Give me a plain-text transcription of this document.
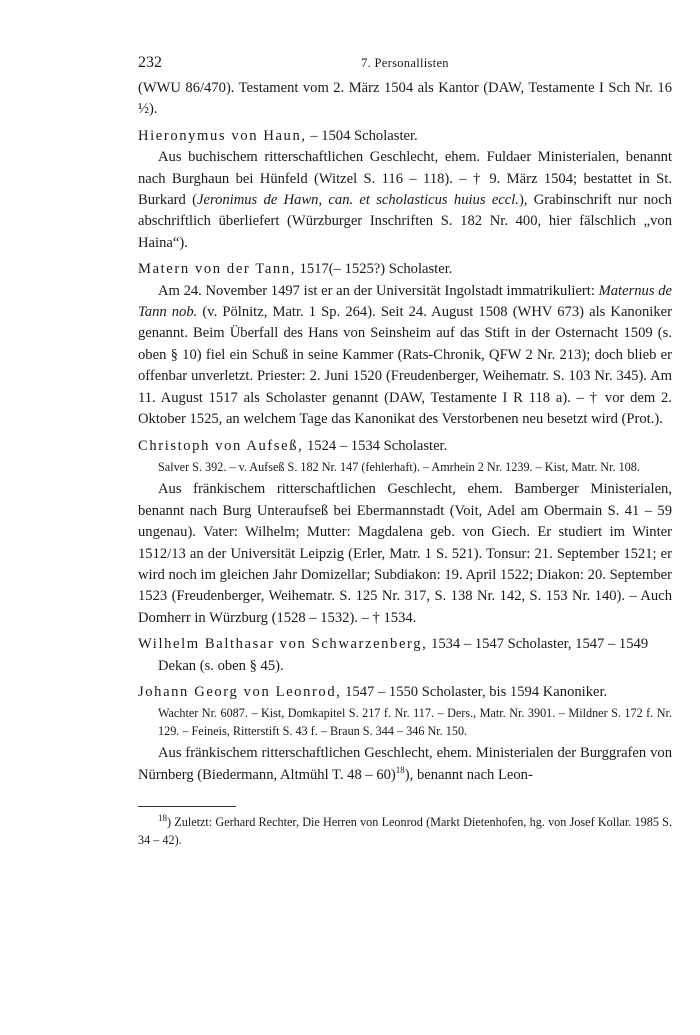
232	7. Personallisten

(WWU 86/470). Testament vom 2. März 1504 als Kantor (DAW, Testamente I Sch Nr. 16 ½).

Hieronymus von Haun, – 1504 Scholaster.

Aus buchischem ritterschaftlichen Geschlecht, ehem. Fuldaer Ministerialen, benannt nach Burghaun bei Hünfeld (Witzel S. 116 – 118). – † 9. März 1504; bestattet in St. Burkard (Jeronimus de Hawn, can. et scholasticus huius eccl.), Grabinschrift nur noch abschriftlich überliefert (Würzburger Inschriften S. 182 Nr. 400, hier fälschlich „von Haina“).

Matern von der Tann, 1517(– 1525?) Scholaster.

Am 24. November 1497 ist er an der Universität Ingolstadt immatrikuliert: Maternus de Tann nob. (v. Pölnitz, Matr. 1 Sp. 264). Seit 24. August 1508 (WHV 673) als Kanoniker genannt. Beim Überfall des Hans von Seinsheim auf das Stift in der Osternacht 1509 (s. oben § 10) fiel ein Schuß in seine Kammer (Rats-Chronik, QFW 2 Nr. 213); doch blieb er offenbar unverletzt. Priester: 2. Juni 1520 (Freudenberger, Weihematr. S. 103 Nr. 345). Am 11. August 1517 als Scholaster genannt (DAW, Testamente I R 118 a). – † vor dem 2. Oktober 1525, an welchem Tage das Kanonikat des Verstorbenen neu besetzt wird (Prot.).

Christoph von Aufseß, 1524 – 1534 Scholaster.

Salver S. 392. – v. Aufseß S. 182 Nr. 147 (fehlerhaft). – Amrhein 2 Nr. 1239. – Kist, Matr. Nr. 108.

Aus fränkischem ritterschaftlichen Geschlecht, ehem. Bamberger Ministerialen, benannt nach Burg Unteraufseß bei Ebermannstadt (Voit, Adel am Obermain S. 41 – 59 ungenau). Vater: Wilhelm; Mutter: Magdalena geb. von Giech. Er studiert im Winter 1512/13 an der Universität Leipzig (Erler, Matr. 1 S. 521). Tonsur: 21. September 1521; er wird noch im gleichen Jahr Domizellar; Subdiakon: 19. April 1522; Diakon: 20. September 1523 (Freudenberger, Weihematr. S. 125 Nr. 317, S. 138 Nr. 142, S. 153 Nr. 140). – Auch Domherr in Würzburg (1528 – 1532). – † 1534.

Wilhelm Balthasar von Schwarzenberg, 1534 – 1547 Scholaster, 1547 – 1549 Dekan (s. oben § 45).
Johann Georg von Leonrod, 1547 – 1550 Scholaster, bis 1594 Kanoniker.

Wachter Nr. 6087. – Kist, Domkapitel S. 217 f. Nr. 117. – Ders., Matr. Nr. 3901. – Mildner S. 172 f. Nr. 129. – Feineis, Ritterstift S. 43 f. – Braun S. 344 – 346 Nr. 150.

Aus fränkischem ritterschaftlichen Geschlecht, ehem. Ministerialen der Burggrafen von Nürnberg (Biedermann, Altmühl T. 48 – 60)$^{18}$), benannt nach Leon-

$^{18}$) Zuletzt: Gerhard Rechter, Die Herren von Leonrod (Markt Dietenhofen, hg. von Josef Kollar. 1985 S. 34 – 42).
